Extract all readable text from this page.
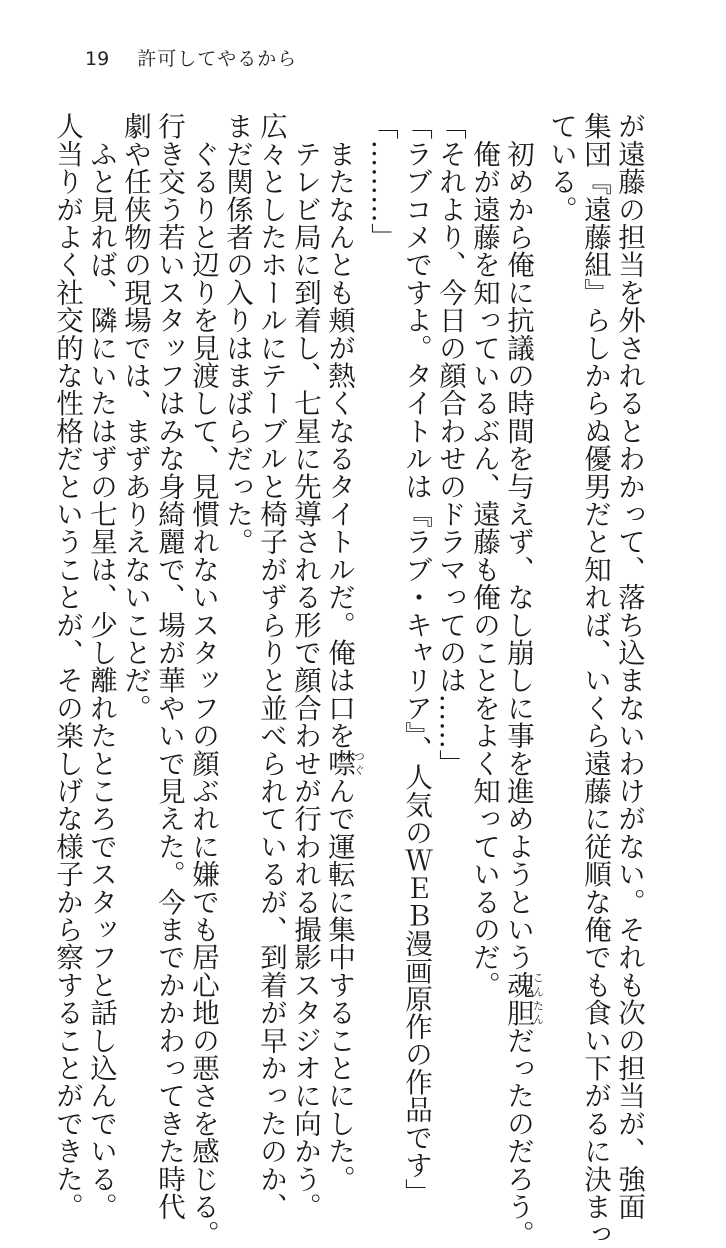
19 許可してやるから
が遠藤の担当を外されるとわかって、落ち込まないわけがない。それも次の担当が、強面
集団『遠藤組』らしからぬ優男だと知れば、いくら遠藤に従順な俺でも食い下がるに決まっ
ている。
　初めから俺に抗議の時間を与えず、なし崩しに事を進めようという魂胆こんたんだったのだろう。
　俺が遠藤を知っているぶん、遠藤も俺のことをよく知っているのだ。
「それより、今日の顔合わせのドラマってのは……」
「ラブコメですよ。タイトルは『ラブ・キャリア』、人気のＷＥＢ漫画原作の作品です」
「………」
　またなんとも頬が熱くなるタイトルだ。俺は口を噤つぐんで運転に集中することにした。
　テレビ局に到着し、七星に先導される形で顔合わせが行われる撮影スタジオに向かう。
広々としたホールにテーブルと椅子がずらりと並べられているが、到着が早かったのか、
まだ関係者の入りはまばらだった。
　ぐるりと辺りを見渡して、見慣れないスタッフの顔ぶれに嫌でも居心地の悪さを感じる。
行き交う若いスタッフはみな身綺麗で、場が華やいで見えた。今までかかわってきた時代
劇や任侠物の現場では、まずありえないことだ。
　ふと見れば、隣にいたはずの七星は、少し離れたところでスタッフと話し込んでいる。
人当りがよく社交的な性格だということが、その楽しげな様子から察することができた。
